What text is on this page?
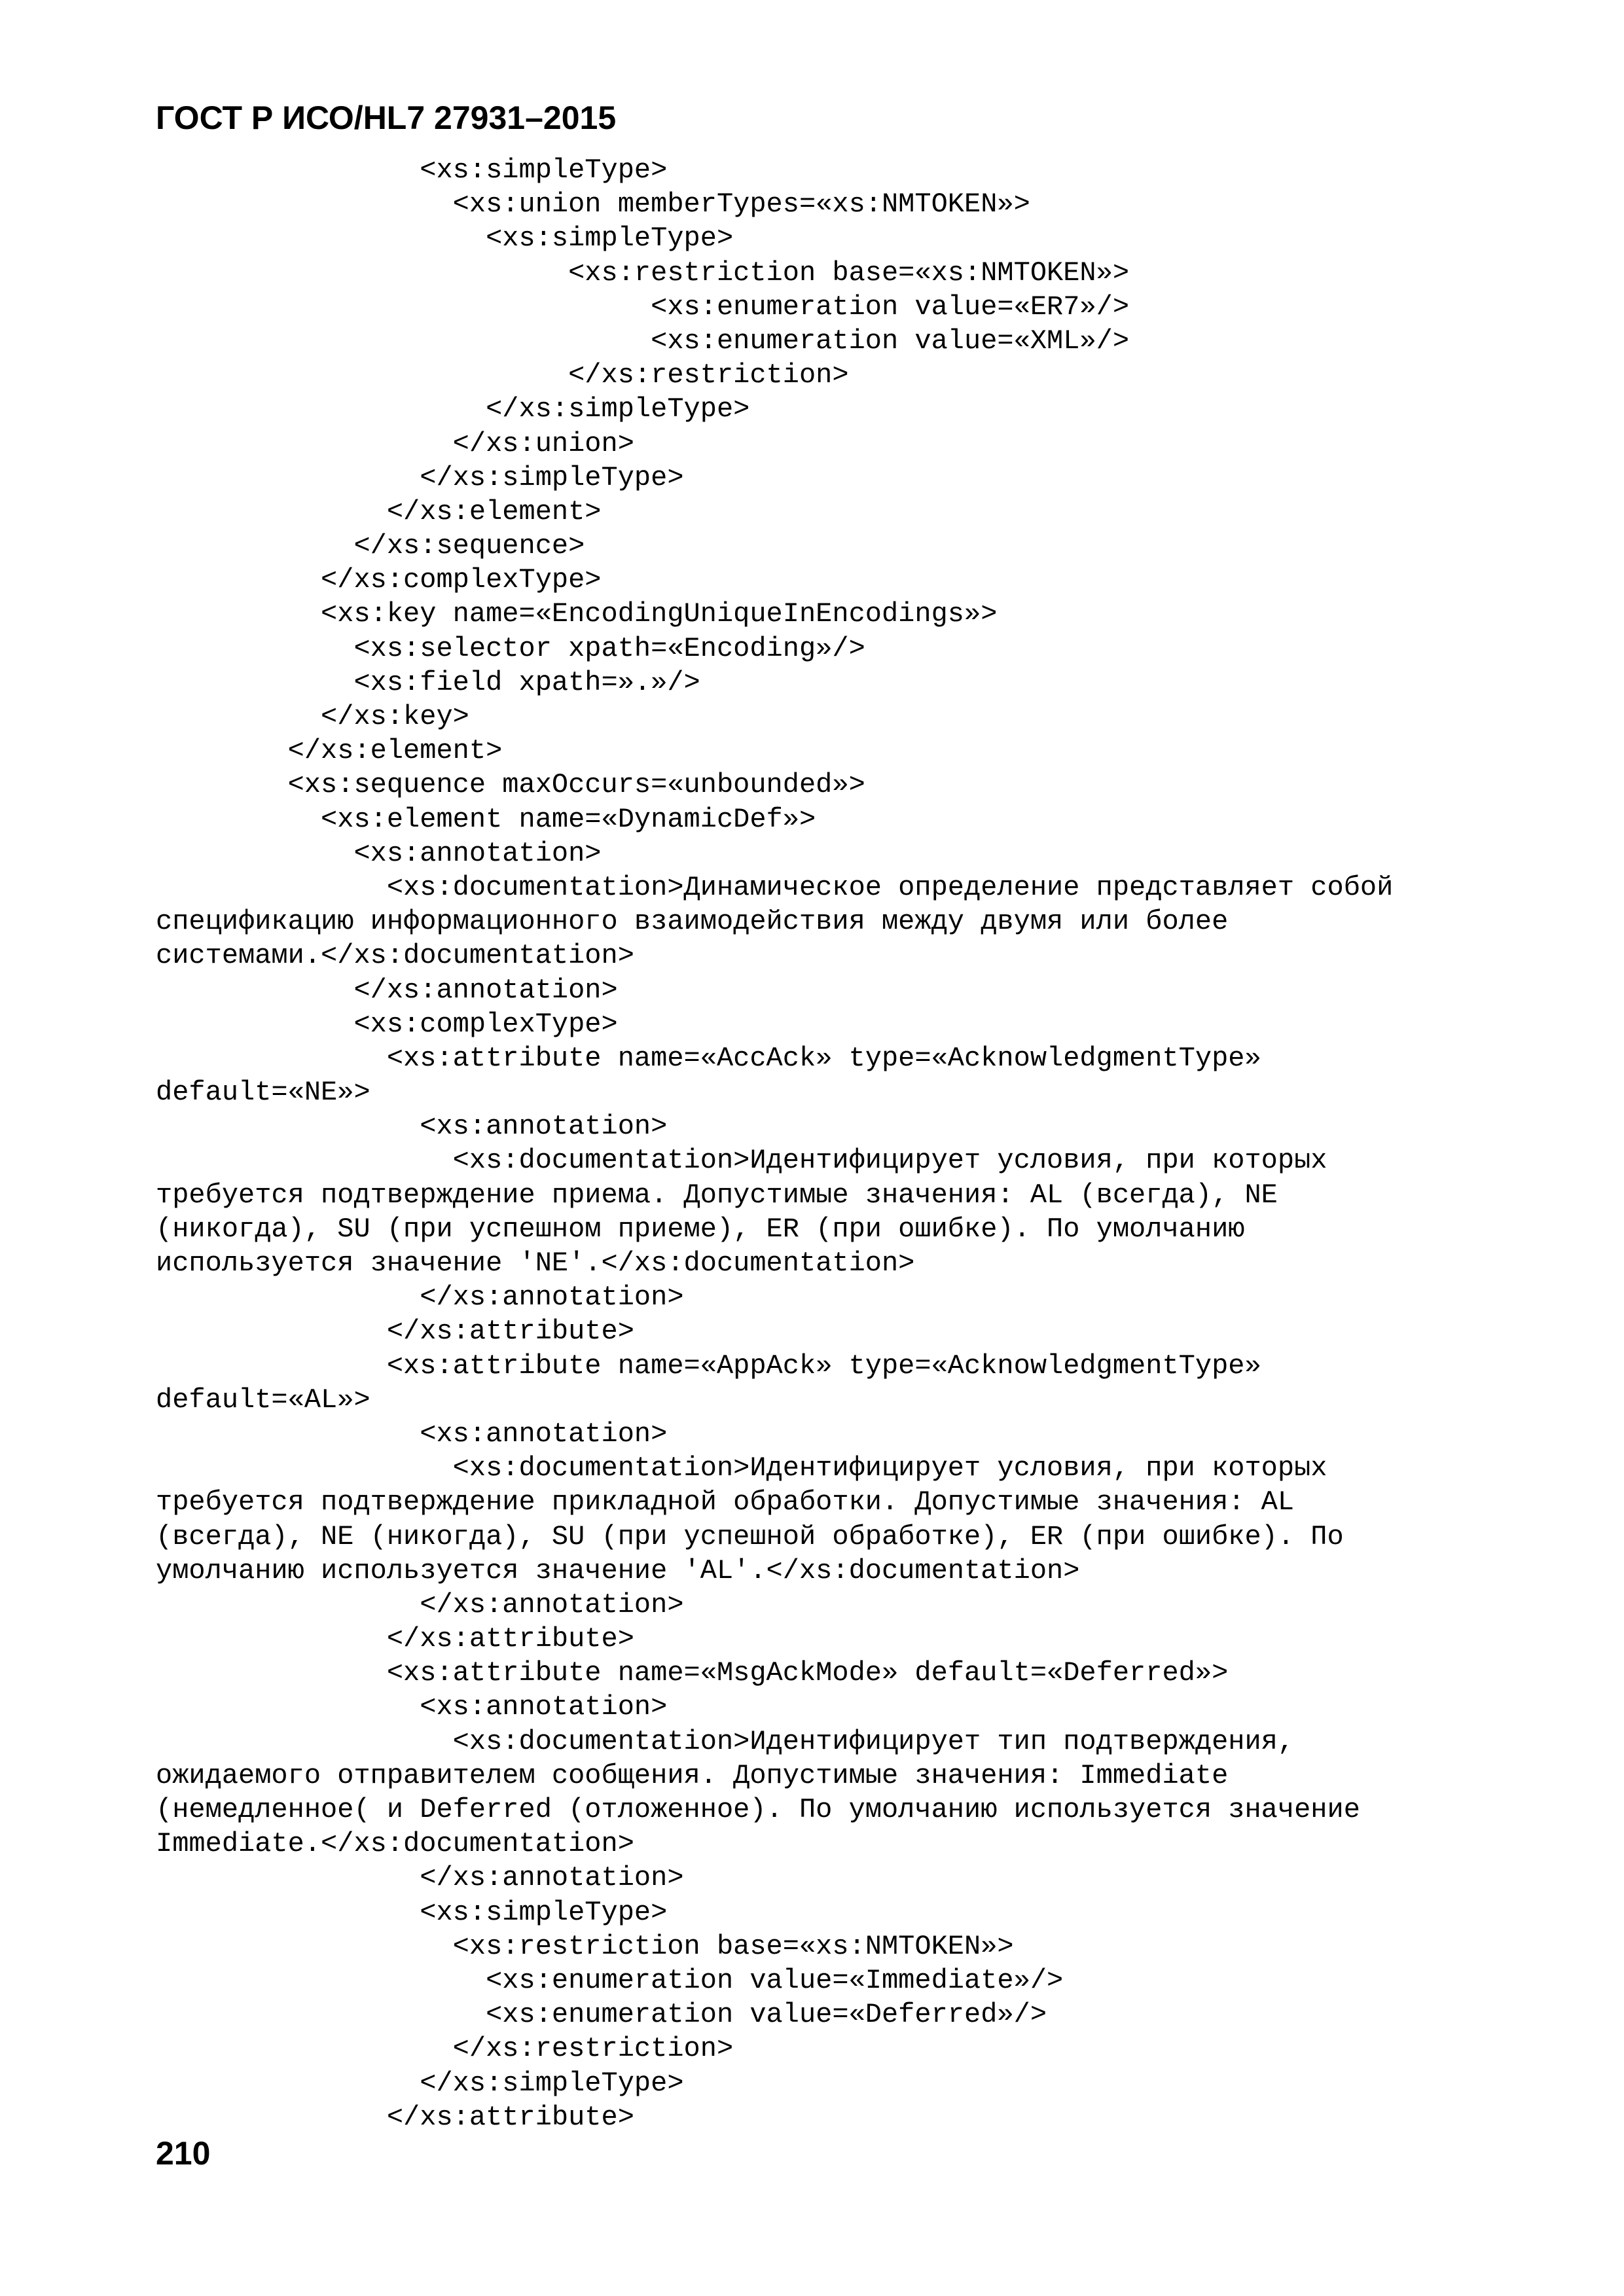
ГОСТ Р ИСО/HL7 27931–2015
<xs:simpleType>
<xs:union memberTypes=«xs:NMTOKEN»>
<xs:simpleType>
<xs:restriction base=«xs:NMTOKEN»>
<xs:enumeration value=«ER7»/>
<xs:enumeration value=«XML»/>
</xs:restriction>
</xs:simpleType>
</xs:union>
</xs:simpleType>
</xs:element>
</xs:sequence>
</xs:complexType>
<xs:key name=«EncodingUniqueInEncodings»>
<xs:selector xpath=«Encoding»/>
<xs:field xpath=».»/>
</xs:key>
</xs:element>
<xs:sequence maxOccurs=«unbounded»>
<xs:element name=«DynamicDef»>
<xs:annotation>
<xs:documentation>Динамическое определение представляет собой
спецификацию информационного взаимодействия между двумя или более
системами.</xs:documentation>
</xs:annotation>
<xs:complexType>
<xs:attribute name=«AccAck» type=«AcknowledgmentType»
default=«NE»>
<xs:annotation>
<xs:documentation>Идентифицирует условия, при которых
требуется подтверждение приема. Допустимые значения: AL (всегда), NE
(никогда), SU (при успешном приеме), ER (при ошибке). По умолчанию
используется значение 'NE'.</xs:documentation>
</xs:annotation>
</xs:attribute>
<xs:attribute name=«AppAck» type=«AcknowledgmentType»
default=«AL»>
<xs:annotation>
<xs:documentation>Идентифицирует условия, при которых
требуется подтверждение прикладной обработки. Допустимые значения: AL
(всегда), NE (никогда), SU (при успешной обработке), ER (при ошибке). По
умолчанию используется значение 'AL'.</xs:documentation>
</xs:annotation>
</xs:attribute>
<xs:attribute name=«MsgAckMode» default=«Deferred»>
<xs:annotation>
<xs:documentation>Идентифицирует тип подтверждения,
ожидаемого отправителем сообщения. Допустимые значения: Immediate
(немедленное( и Deferred (отложенное). По умолчанию используется значение
Immediate.</xs:documentation>
</xs:annotation>
<xs:simpleType>
<xs:restriction base=«xs:NMTOKEN»>
<xs:enumeration value=«Immediate»/>
<xs:enumeration value=«Deferred»/>
</xs:restriction>
</xs:simpleType>
</xs:attribute>
210
